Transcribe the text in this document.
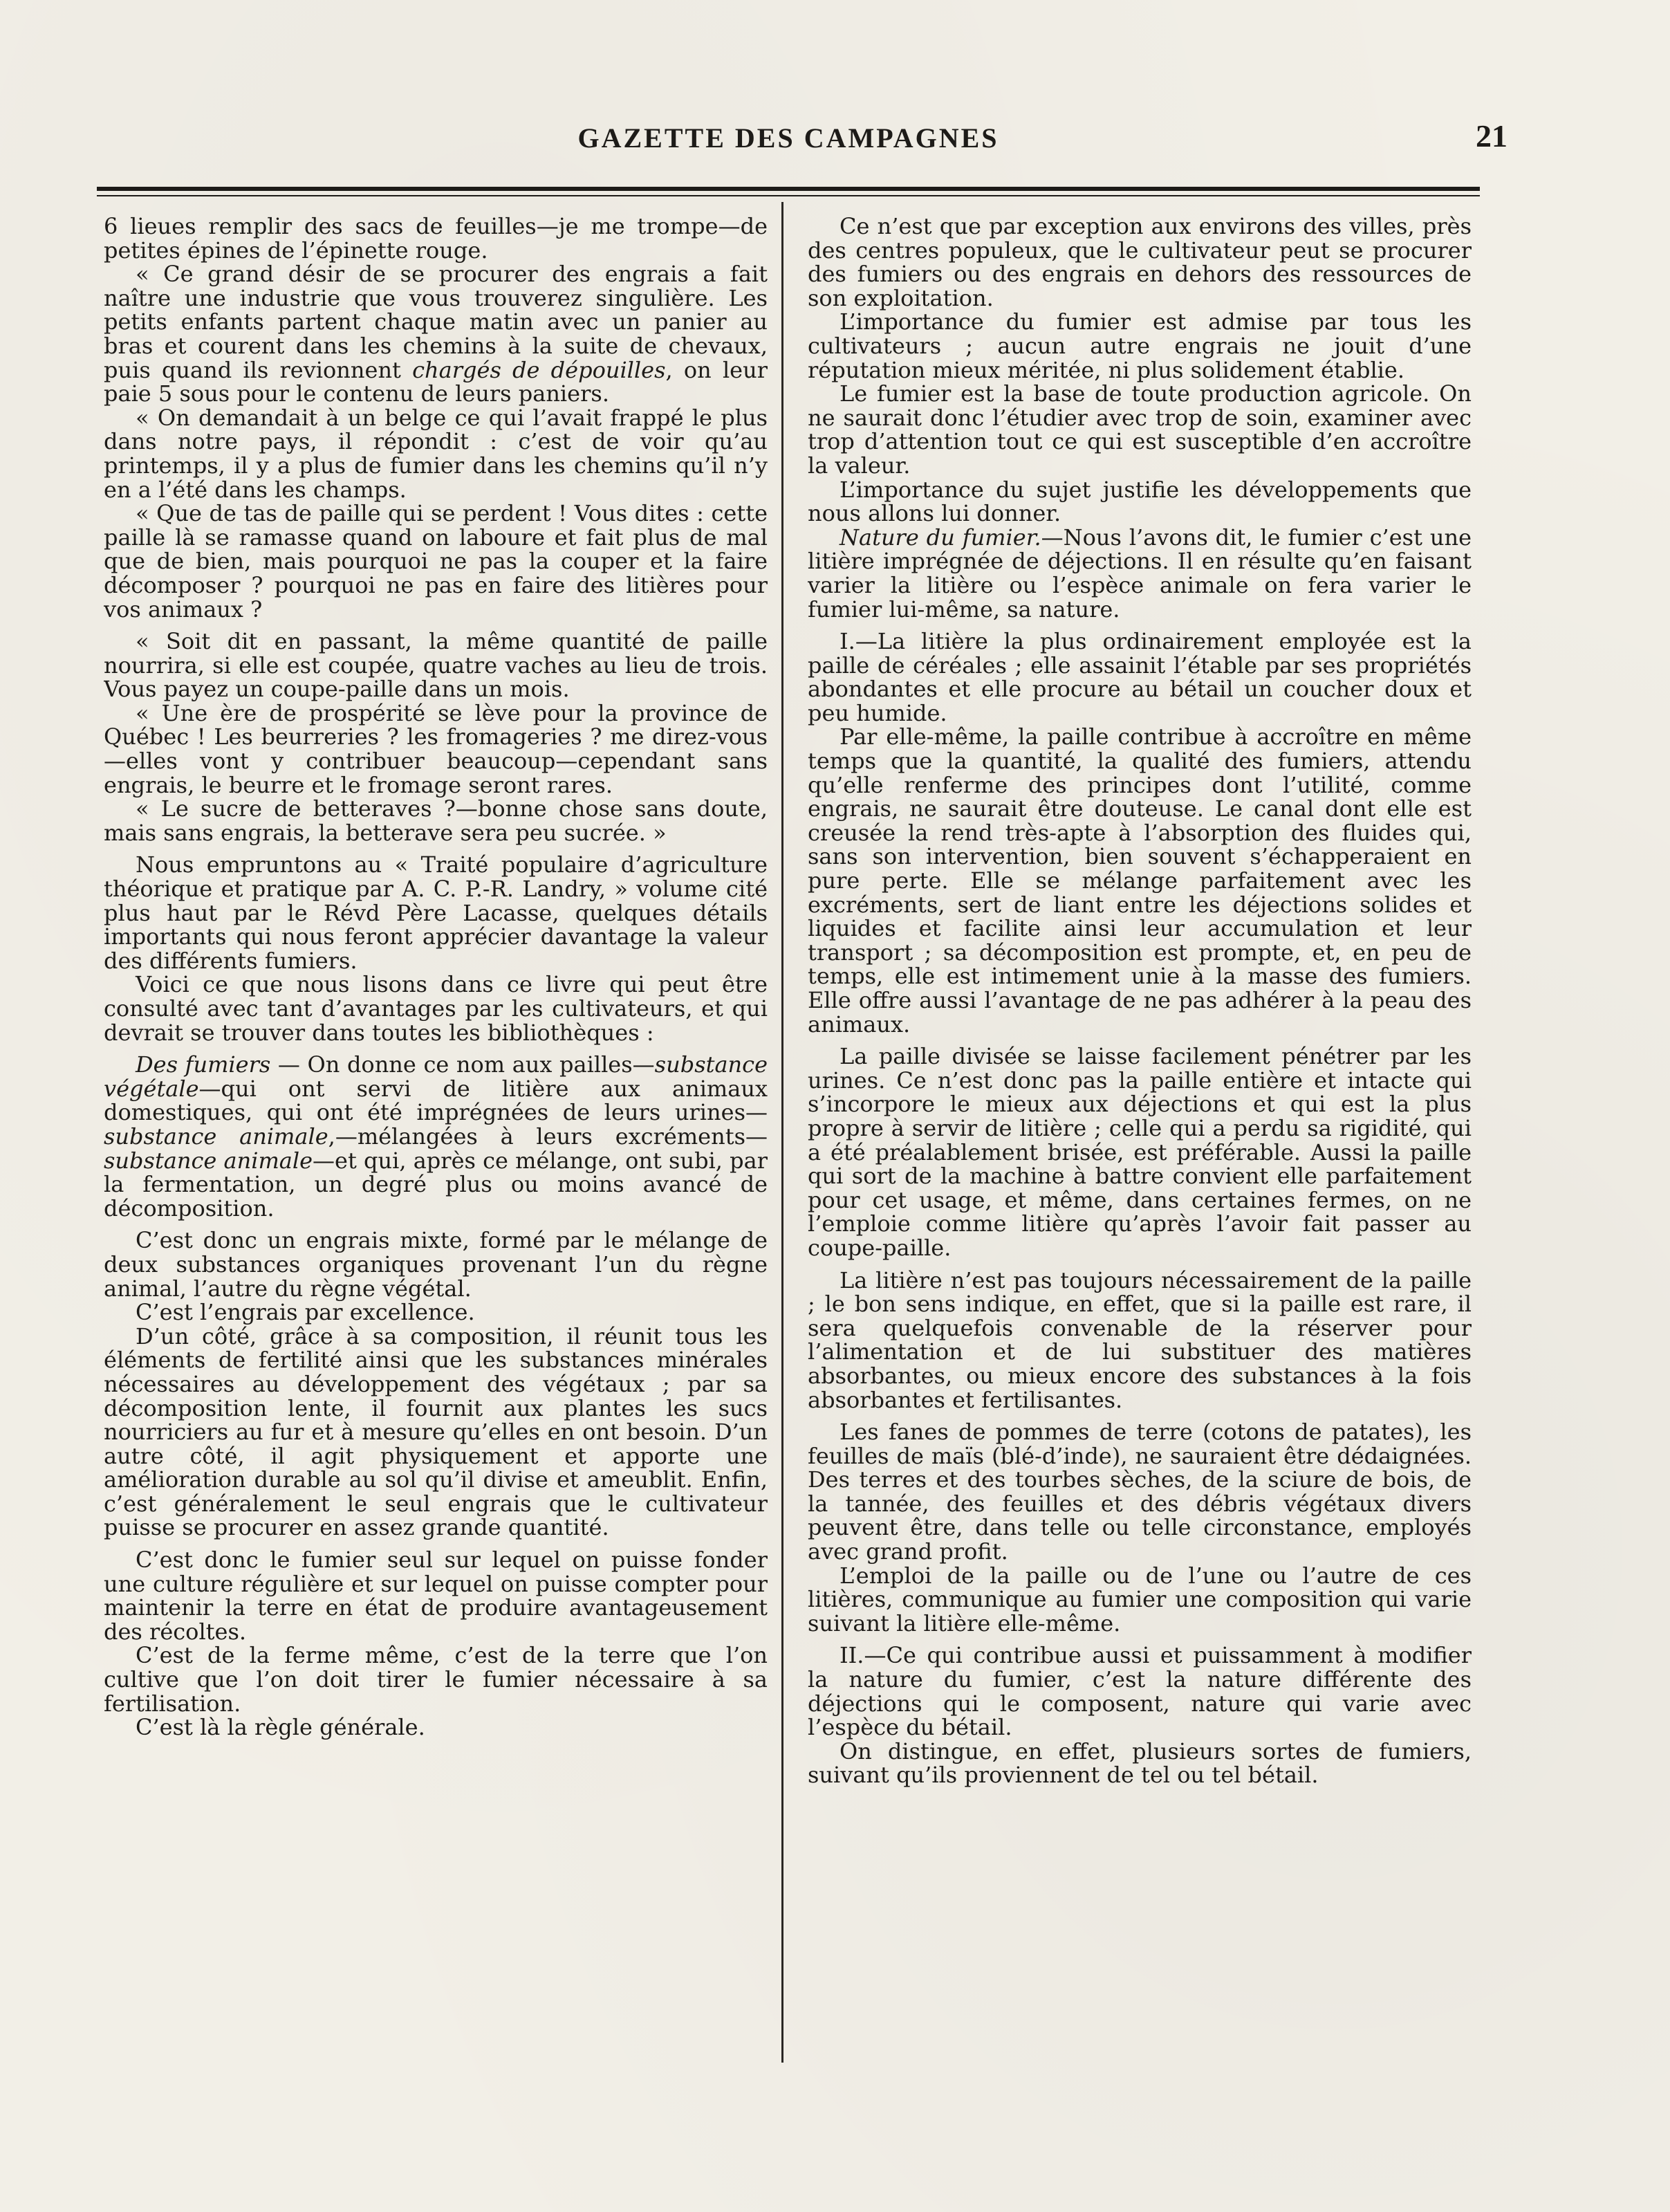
GAZETTE DES CAMPAGNES	21

6 lieues remplir des sacs de feuilles—je me trompe—de petites épines de l’épinette rouge.

« Ce grand désir de se procurer des engrais a fait naître une industrie que vous trouverez singulière. Les petits enfants partent chaque matin avec un panier au bras et courent dans les chemins à la suite de chevaux, puis quand ils revionnent chargés de dépouilles, on leur paie 5 sous pour le contenu de leurs paniers.

« On demandait à un belge ce qui l’avait frappé le plus dans notre pays, il répondit : c’est de voir qu’au printemps, il y a plus de fumier dans les chemins qu’il n’y en a l’été dans les champs.

« Que de tas de paille qui se perdent ! Vous dites : cette paille là se ramasse quand on laboure et fait plus de mal que de bien, mais pourquoi ne pas la couper et la faire décomposer ? pourquoi ne pas en faire des litières pour vos animaux ?

« Soit dit en passant, la même quantité de paille nourrira, si elle est coupée, quatre vaches au lieu de trois. Vous payez un coupe-paille dans un mois.

« Une ère de prospérité se lève pour la province de Québec ! Les beurreries ? les fromageries ? me direz-vous—elles vont y contribuer beaucoup—cependant sans engrais, le beurre et le fromage seront rares.

« Le sucre de betteraves ?—bonne chose sans doute, mais sans engrais, la betterave sera peu sucrée. »

Nous empruntons au « Traité populaire d’agriculture théorique et pratique par A. C. P.-R. Landry, » volume cité plus haut par le Révd Père Lacasse, quelques détails importants qui nous feront apprécier davantage la valeur des différents fumiers.

Voici ce que nous lisons dans ce livre qui peut être consulté avec tant d’avantages par les cultivateurs, et qui devrait se trouver dans toutes les bibliothèques :

Des fumiers — On donne ce nom aux pailles—substance végétale—qui ont servi de litière aux animaux domestiques, qui ont été imprégnées de leurs urines—substance animale,—mélangées à leurs excréments—substance animale—et qui, après ce mélange, ont subi, par la fermentation, un degré plus ou moins avancé de décomposition.

C’est donc un engrais mixte, formé par le mélange de deux substances organiques provenant l’un du règne animal, l’autre du règne végétal.

C’est l’engrais par excellence.

D’un côté, grâce à sa composition, il réunit tous les éléments de fertilité ainsi que les substances minérales nécessaires au développement des végétaux ; par sa décomposition lente, il fournit aux plantes les sucs nourriciers au fur et à mesure qu’elles en ont besoin. D’un autre côté, il agit physiquement et apporte une amélioration durable au sol qu’il divise et ameublit. Enfin, c’est généralement le seul engrais que le cultivateur puisse se procurer en assez grande quantité.

C’est donc le fumier seul sur lequel on puisse fonder une culture régulière et sur lequel on puisse compter pour maintenir la terre en état de produire avantageusement des récoltes.

C’est de la ferme même, c’est de la terre que l’on cultive que l’on doit tirer le fumier nécessaire à sa fertilisation.

C’est là la règle générale.

Ce n’est que par exception aux environs des villes, près des centres populeux, que le cultivateur peut se procurer des fumiers ou des engrais en dehors des ressources de son exploitation.

L’importance du fumier est admise par tous les cultivateurs ; aucun autre engrais ne jouit d’une réputation mieux méritée, ni plus solidement établie.

Le fumier est la base de toute production agricole. On ne saurait donc l’étudier avec trop de soin, examiner avec trop d’attention tout ce qui est susceptible d’en accroître la valeur.

L’importance du sujet justifie les développements que nous allons lui donner.

Nature du fumier.—Nous l’avons dit, le fumier c’est une litière imprégnée de déjections. Il en résulte qu’en faisant varier la litière ou l’espèce animale on fera varier le fumier lui-même, sa nature.

I.—La litière la plus ordinairement employée est la paille de céréales ; elle assainit l’étable par ses propriétés abondantes et elle procure au bétail un coucher doux et peu humide.

Par elle-même, la paille contribue à accroître en même temps que la quantité, la qualité des fumiers, attendu qu’elle renferme des principes dont l’utilité, comme engrais, ne saurait être douteuse. Le canal dont elle est creusée la rend très-apte à l’absorption des fluides qui, sans son intervention, bien souvent s’échapperaient en pure perte. Elle se mélange parfaitement avec les excréments, sert de liant entre les déjections solides et liquides et facilite ainsi leur accumulation et leur transport ; sa décomposition est prompte, et, en peu de temps, elle est intimement unie à la masse des fumiers. Elle offre aussi l’avantage de ne pas adhérer à la peau des animaux.

La paille divisée se laisse facilement pénétrer par les urines. Ce n’est donc pas la paille entière et intacte qui s’incorpore le mieux aux déjections et qui est la plus propre à servir de litière ; celle qui a perdu sa rigidité, qui a été préalablement brisée, est préférable. Aussi la paille qui sort de la machine à battre convient elle parfaitement pour cet usage, et même, dans certaines fermes, on ne l’emploie comme litière qu’après l’avoir fait passer au coupe-paille.

La litière n’est pas toujours nécessairement de la paille ; le bon sens indique, en effet, que si la paille est rare, il sera quelquefois convenable de la réserver pour l’alimentation et de lui substituer des matières absorbantes, ou mieux encore des substances à la fois absorbantes et fertilisantes.

Les fanes de pommes de terre (cotons de patates), les feuilles de maïs (blé-d’inde), ne sauraient être dédaignées. Des terres et des tourbes sèches, de la sciure de bois, de la tannée, des feuilles et des débris végétaux divers peuvent être, dans telle ou telle circonstance, employés avec grand profit.

L’emploi de la paille ou de l’une ou l’autre de ces litières, communique au fumier une composition qui varie suivant la litière elle-même.

II.—Ce qui contribue aussi et puissamment à modifier la nature du fumier, c’est la nature différente des déjections qui le composent, nature qui varie avec l’espèce du bétail.

On distingue, en effet, plusieurs sortes de fumiers, suivant qu’ils proviennent de tel ou tel bétail.
